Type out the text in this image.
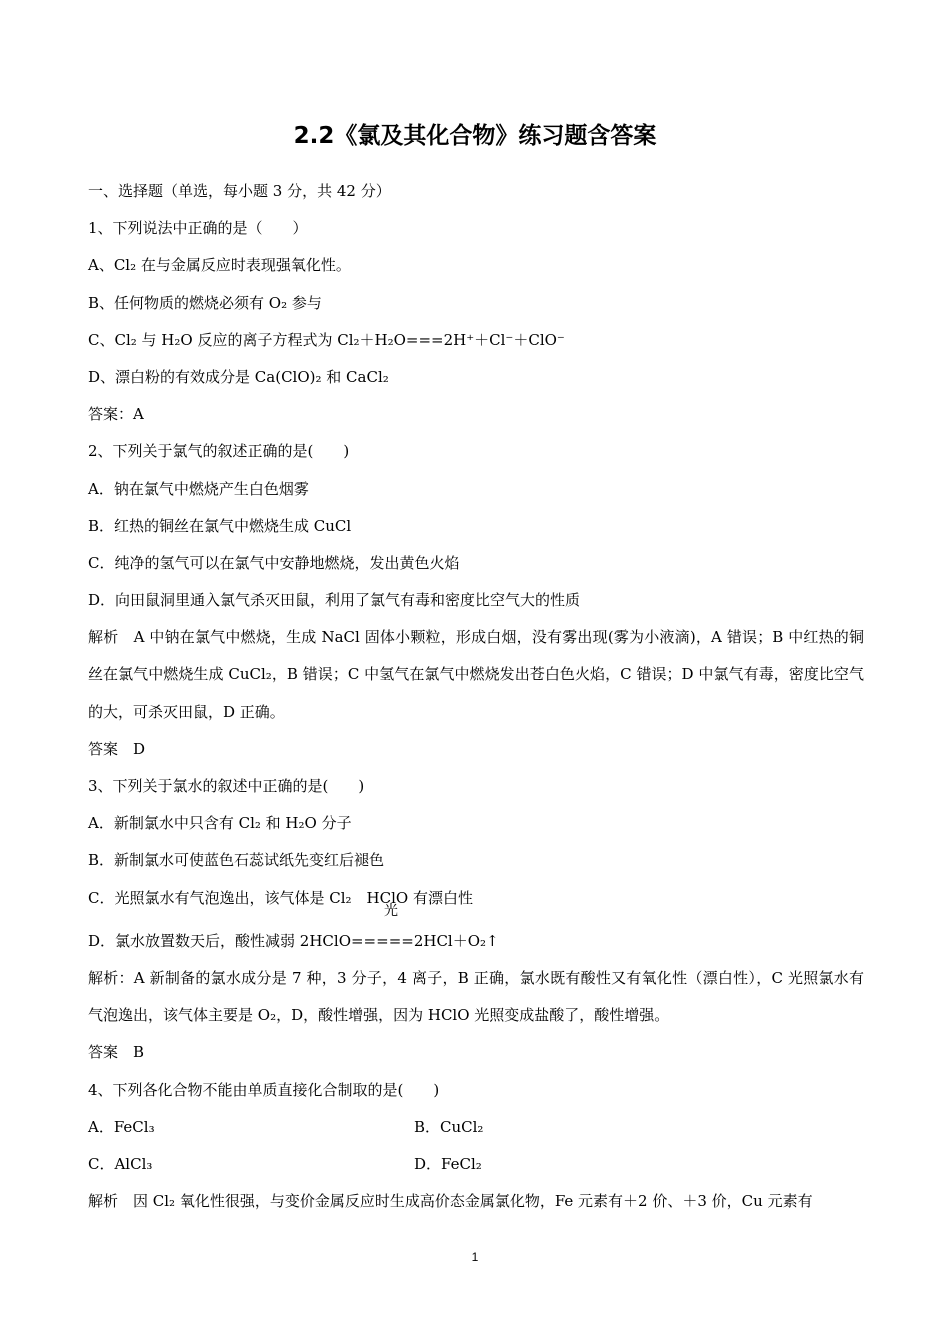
2.2《氯及其化合物》练习题含答案
一、选择题（单选，每小题 3 分，共 42 分）
1、下列说法中正确的是（　　）
A、Cl₂ 在与金属反应时表现强氧化性。
B、任何物质的燃烧必须有 O₂ 参与
C、Cl₂ 与 H₂O 反应的离子方程式为 Cl₂＋H₂O===2H⁺＋Cl⁻＋ClO⁻
D、漂白粉的有效成分是 Ca(ClO)₂ 和 CaCl₂
答案：A
2、下列关于氯气的叙述正确的是(　　)
A．钠在氯气中燃烧产生白色烟雾
B．红热的铜丝在氯气中燃烧生成 CuCl
C．纯净的氢气可以在氯气中安静地燃烧，发出黄色火焰
D．向田鼠洞里通入氯气杀灭田鼠，利用了氯气有毒和密度比空气大的性质
解析　A 中钠在氯气中燃烧，生成 NaCl 固体小颗粒，形成白烟，没有雾出现(雾为小液滴)，A 错误；B 中红热的铜丝在氯气中燃烧生成 CuCl₂，B 错误；C 中氢气在氯气中燃烧发出苍白色火焰，C 错误；D 中氯气有毒，密度比空气的大，可杀灭田鼠，D 正确。
答案　D
3、下列关于氯水的叙述中正确的是(　　)
A．新制氯水中只含有 Cl₂ 和 H₂O 分子
B．新制氯水可使蓝色石蕊试纸先变红后褪色
C．光照氯水有气泡逸出，该气体是 Cl₂　HClO 有漂白性
D．氯水放置数天后，酸性减弱 2HClO=====2HCl＋O₂↑
光
解析：A 新制备的氯水成分是 7 种，3 分子，4 离子，B 正确，氯水既有酸性又有氧化性（漂白性），C 光照氯水有气泡逸出，该气体主要是 O₂，D，酸性增强，因为 HClO 光照变成盐酸了，酸性增强。
答案　B
4、下列各化合物不能由单质直接化合制取的是(　　)
A．FeCl₃	B．CuCl₂
C．AlCl₃	D．FeCl₂
解析　因 Cl₂ 氧化性很强，与变价金属反应时生成高价态金属氯化物，Fe 元素有＋2 价、＋3 价，Cu 元素有
1
